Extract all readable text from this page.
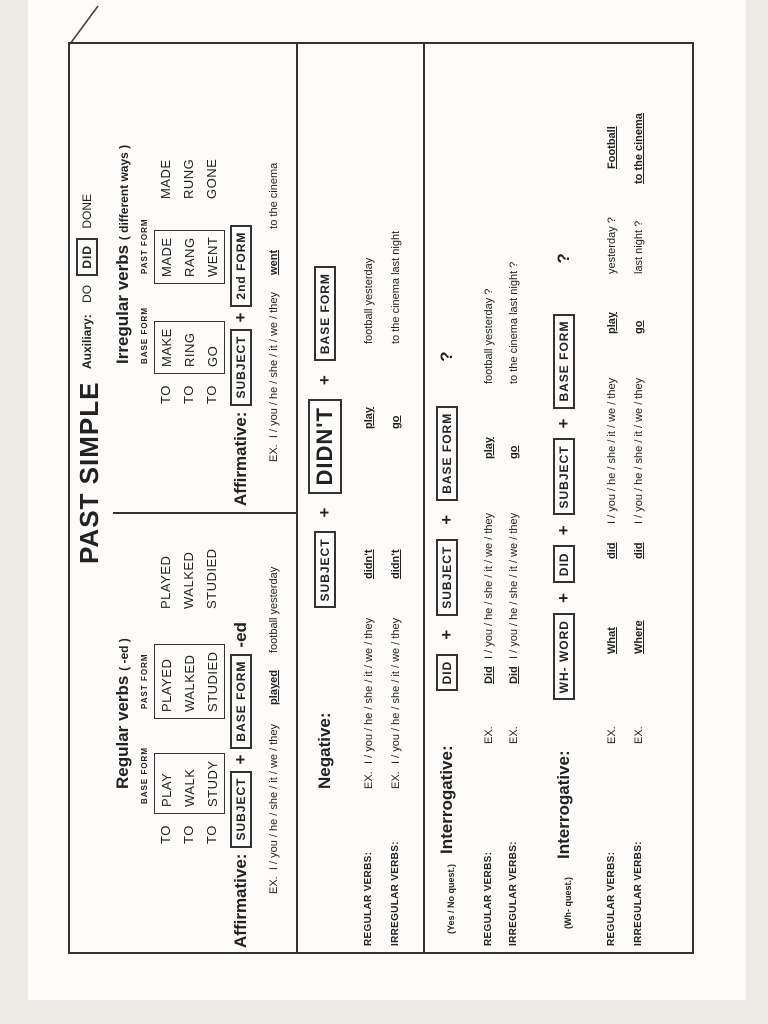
PAST SIMPLE
Auxiliary: DO DID DONE
Regular verbs ( -ed )
BASE FORM
PAST FORM
TO TO TO
PLAY WALK STUDY
PLAYED WALKED STUDIED
PLAYED WALKED STUDIED
Affirmative:
SUBJECT
+
BASE FORM
-ed
EX.  I / you / he / she / it / we / they played football yesterday
Irregular verbs ( different ways )
BASE FORM
PAST FORM
TO TO TO
MAKE RING GO
MADE RANG WENT
MADE RUNG GONE
Affirmative:
SUBJECT
+
2nd FORM
EX.  I / you / he / she / it / we / they went to the cinema
Negative:
SUBJECT
+
DIDN'T
+
BASE FORM
REGULAR VERBS:
EX.
I / you / he / she / it / we / they
didn't
play
football yesterday
IRREGULAR VERBS:
EX.
I / you / he / she / it / we / they
didn't
go
to the cinema last night
(Yes / No quest.)
Interrogative:
DID
+
SUBJECT
+
BASE FORM
?
REGULAR VERBS:
EX.
Did
I / you / he / she / it / we / they
play
football yesterday ?
IRREGULAR VERBS:
EX.
Did
I / you / he / she / it / we / they
go
to the cinema last night ?
(Wh- quest.)
Interrogative:
WH- WORD
+
DID
+
SUBJECT
+
BASE FORM
?
REGULAR VERBS:
EX.
What
did
I / you / he / she / it / we / they
play
yesterday ?
Football
IRREGULAR VERBS:
EX.
Where
did
I / you / he / she / it / we / they
go
last night ?
to the cinema
